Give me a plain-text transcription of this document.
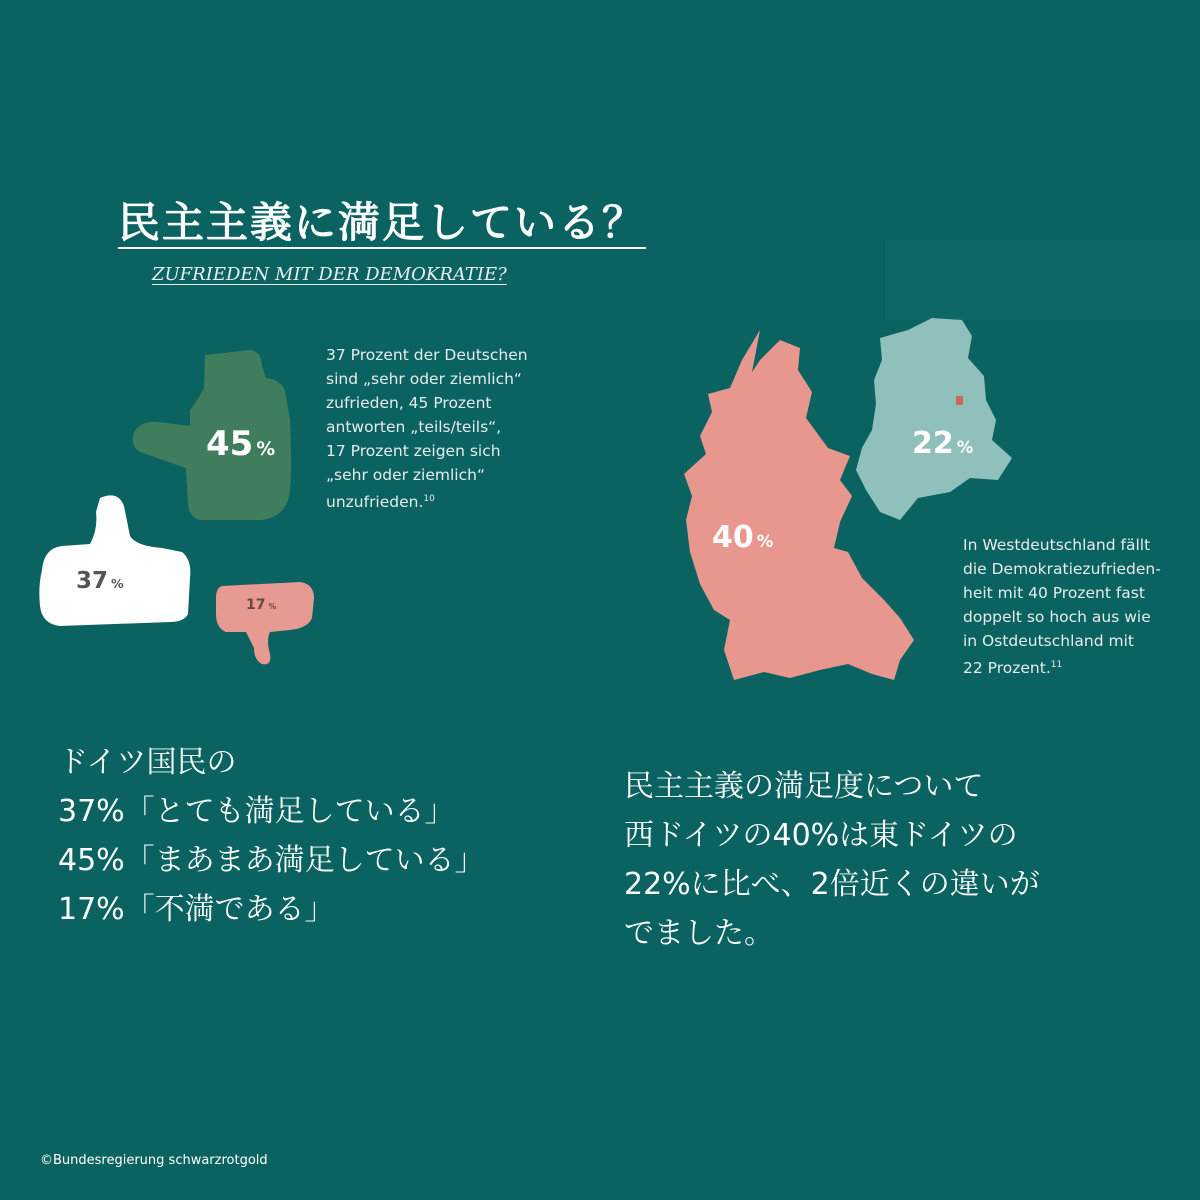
民主主義に満足している？
ZUFRIEDEN MIT DER DEMOKRATIE?
45 %
37 %
17 %
40 %
22 %
37 Prozent der Deutschen
sind „sehr oder ziemlich“
zufrieden, 45 Prozent
antworten „teils/teils“,
17 Prozent zeigen sich
„sehr oder ziemlich“
unzufrieden.$^{10}$
In Westdeutschland fällt
die Demokratiezufrieden-
heit mit 40 Prozent fast
doppelt so hoch aus wie
in Ostdeutschland mit
22 Prozent.$^{11}$
ドイツ国民の
37%「とても満足している」
45%「まあまあ満足している」
17%「不満である」
民主主義の満足度について
西ドイツの40%は東ドイツの
22%に比べ、2倍近くの違いが
でました。
©Bundesregierung schwarzrotgold
